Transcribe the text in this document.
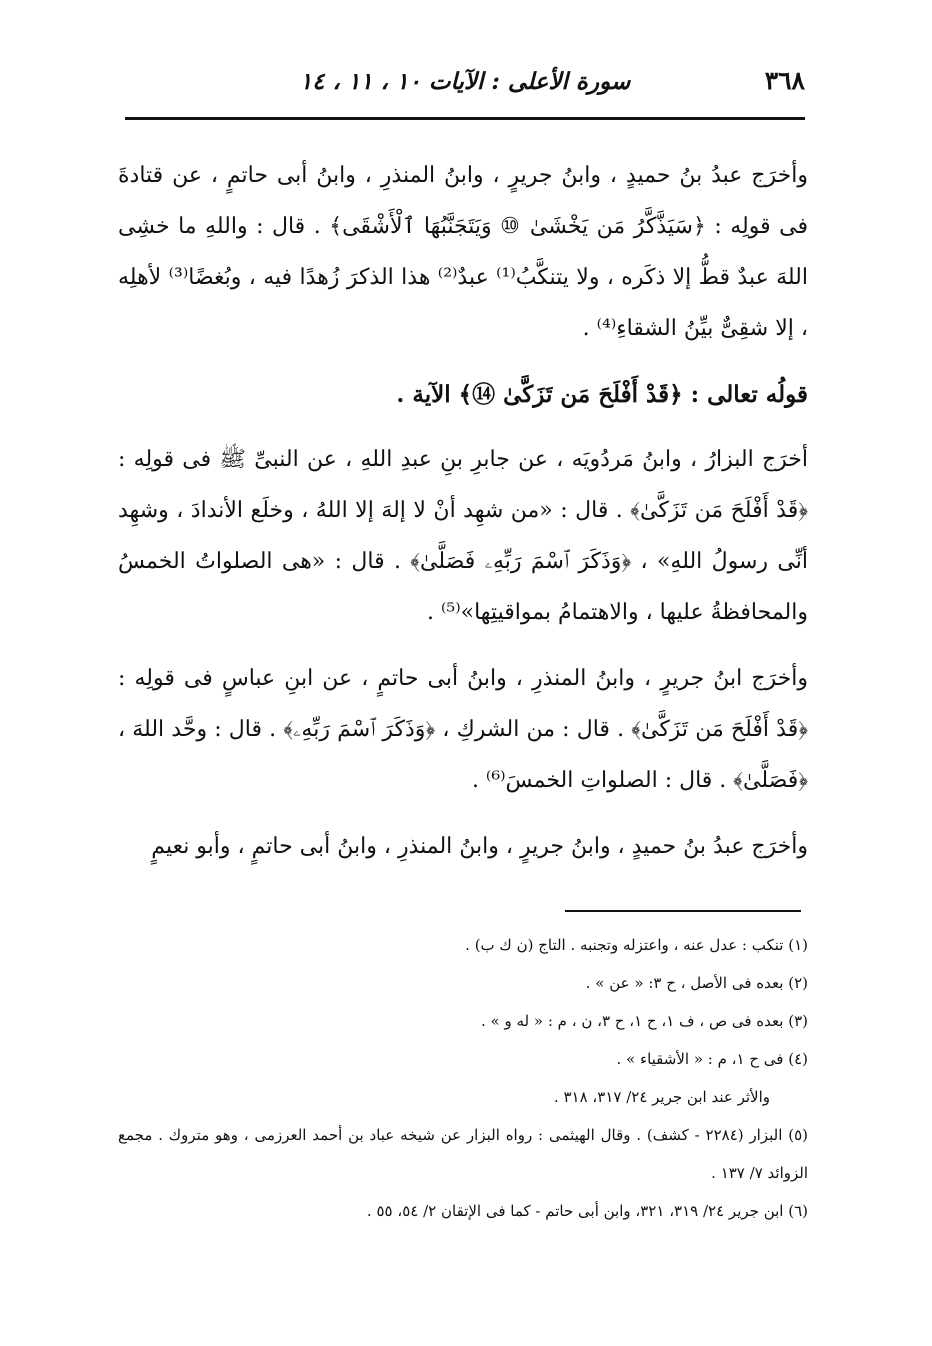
٣٦٨
سورة الأعلى : الآيات ١٠ ، ١١ ، ١٤

وأخرَج عبدُ بنُ حميدٍ ، وابنُ جريرٍ ، وابنُ المنذرِ ، وابنُ أبى حاتمٍ ، عن قتادةَ فى قولِه : ﴿سَيَذَّكَّرُ مَن يَخْشَىٰ ⑩ وَيَتَجَنَّبُهَا ٱلْأَشْقَى﴾ . قال : واللهِ ما خشِى اللهَ عبدٌ قطُّ إلا ذكَره ، ولا يتنكَّبُ⁽¹⁾ عبدٌ⁽²⁾ هذا الذكرَ زُهدًا فيه ، وبُغضًا⁽³⁾ لأهلِه ، إلا شقِىٌّ بيِّنُ الشقاءِ⁽⁴⁾ .

قولُه تعالى : ﴿قَدْ أَفْلَحَ مَن تَزَكَّىٰ ⑭﴾ الآية .

أخرَج البزارُ ، وابنُ مَردُويَه ، عن جابرِ بنِ عبدِ اللهِ ، عن النبىِّ ﷺ فى قولِه : ﴿قَدْ أَفْلَحَ مَن تَزَكَّىٰ﴾ . قال : «من شهِد أنْ لا إلهَ إلا اللهُ ، وخلَع الأندادَ ، وشهِد أنِّى رسولُ اللهِ» ، ﴿وَذَكَرَ ٱسْمَ رَبِّهِۦ فَصَلَّىٰ﴾ . قال : «هى الصلواتُ الخمسُ والمحافظةُ عليها ، والاهتمامُ بمواقيتِها»⁽⁵⁾ .

وأخرَج ابنُ جريرٍ ، وابنُ المنذرِ ، وابنُ أبى حاتمٍ ، عن ابنِ عباسٍ فى قولِه : ﴿قَدْ أَفْلَحَ مَن تَزَكَّىٰ﴾ . قال : من الشركِ ، ﴿وَذَكَرَ ٱسْمَ رَبِّهِۦ﴾ . قال : وحَّد اللهَ ، ﴿فَصَلَّىٰ﴾ . قال : الصلواتِ الخمسَ⁽⁶⁾ .

وأخرَج عبدُ بنُ حميدٍ ، وابنُ جريرٍ ، وابنُ المنذرِ ، وابنُ أبى حاتمٍ ، وأبو نعيمٍ

(١) تنكب : عدل عنه ، واعتزله وتجنبه . التاج (ن ك ب) .

(٢) بعده فى الأصل ، ح ٣: « عن » .

(٣) بعده فى ص ، ف ١، ح ١، ح ٣، ن ، م : « له و » .

(٤) فى ح ١، م : « الأشقياء » .

والأثر عند ابن جرير ٢٤/ ٣١٧، ٣١٨ .

(٥) البزار (٢٢٨٤ - كشف) . وقال الهيثمى : رواه البزار عن شيخه عباد بن أحمد العرزمى ، وهو متروك . مجمع الزوائد ٧/ ١٣٧ .

(٦) ابن جرير ٢٤/ ٣١٩، ٣٢١، وابن أبى حاتم - كما فى الإتقان ٢/ ٥٤، ٥٥ .
